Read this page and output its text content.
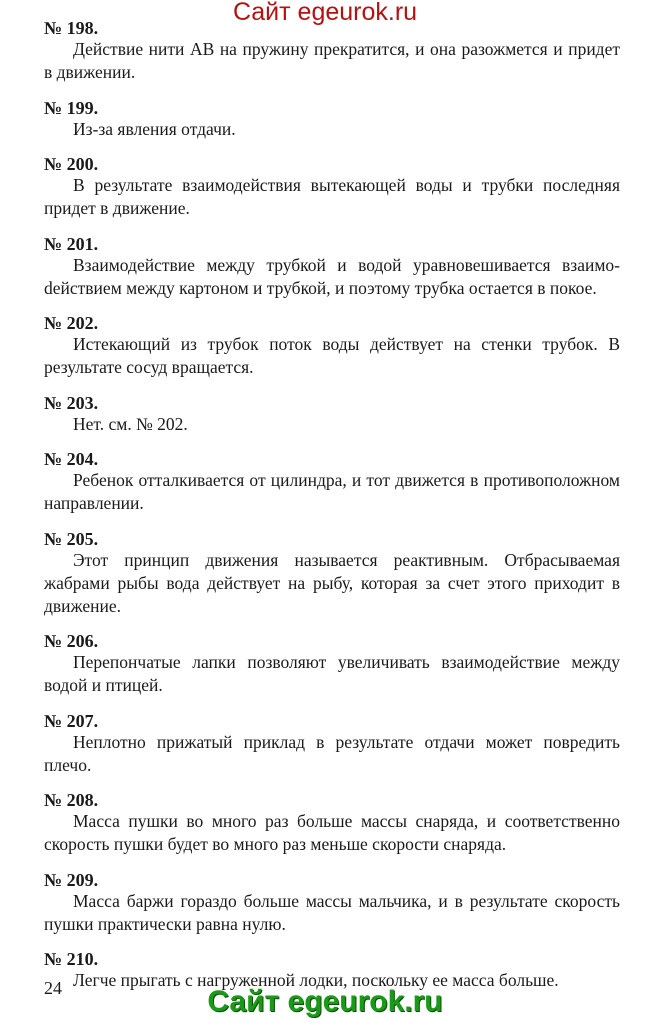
Сайт egeurok.ru
№ 198.
Действие нити AB на пружину прекратится, и она разожмется и придет в движении.
№ 199.
Из-за явления отдачи.
№ 200.
В результате взаимодействия вытекающей воды и трубки последняя придет в движение.
№ 201.
Взаимодействие между трубкой и водой уравновешивается взаимоdействием между картоном и трубкой, и поэтому трубка остается в покое.
№ 202.
Истекающий из трубок поток воды действует на стенки трубок. В результате сосуд вращается.
№ 203.
Нет. см. № 202.
№ 204.
Ребенок отталкивается от цилиндра, и тот движется в противоположном направлении.
№ 205.
Этот принцип движения называется реактивным. Отбрасываемая жабрами рыбы вода действует на рыбу, которая за счет этого приходит в движение.
№ 206.
Перепончатые лапки позволяют увеличивать взаимодействие между водой и птицей.
№ 207.
Неплотно прижатый приклад в результате отдачи может повредить плечо.
№ 208.
Масса пушки во много раз больше массы снаряда, и соответственно скорость пушки будет во много раз меньше скорости снаряда.
№ 209.
Масса баржи гораздо больше массы мальчика, и в результате скорость пушки практически равна нулю.
№ 210.
Легче прыгать с нагруженной лодки, поскольку ее масса больше.
24	Сайт egeurok.ru
